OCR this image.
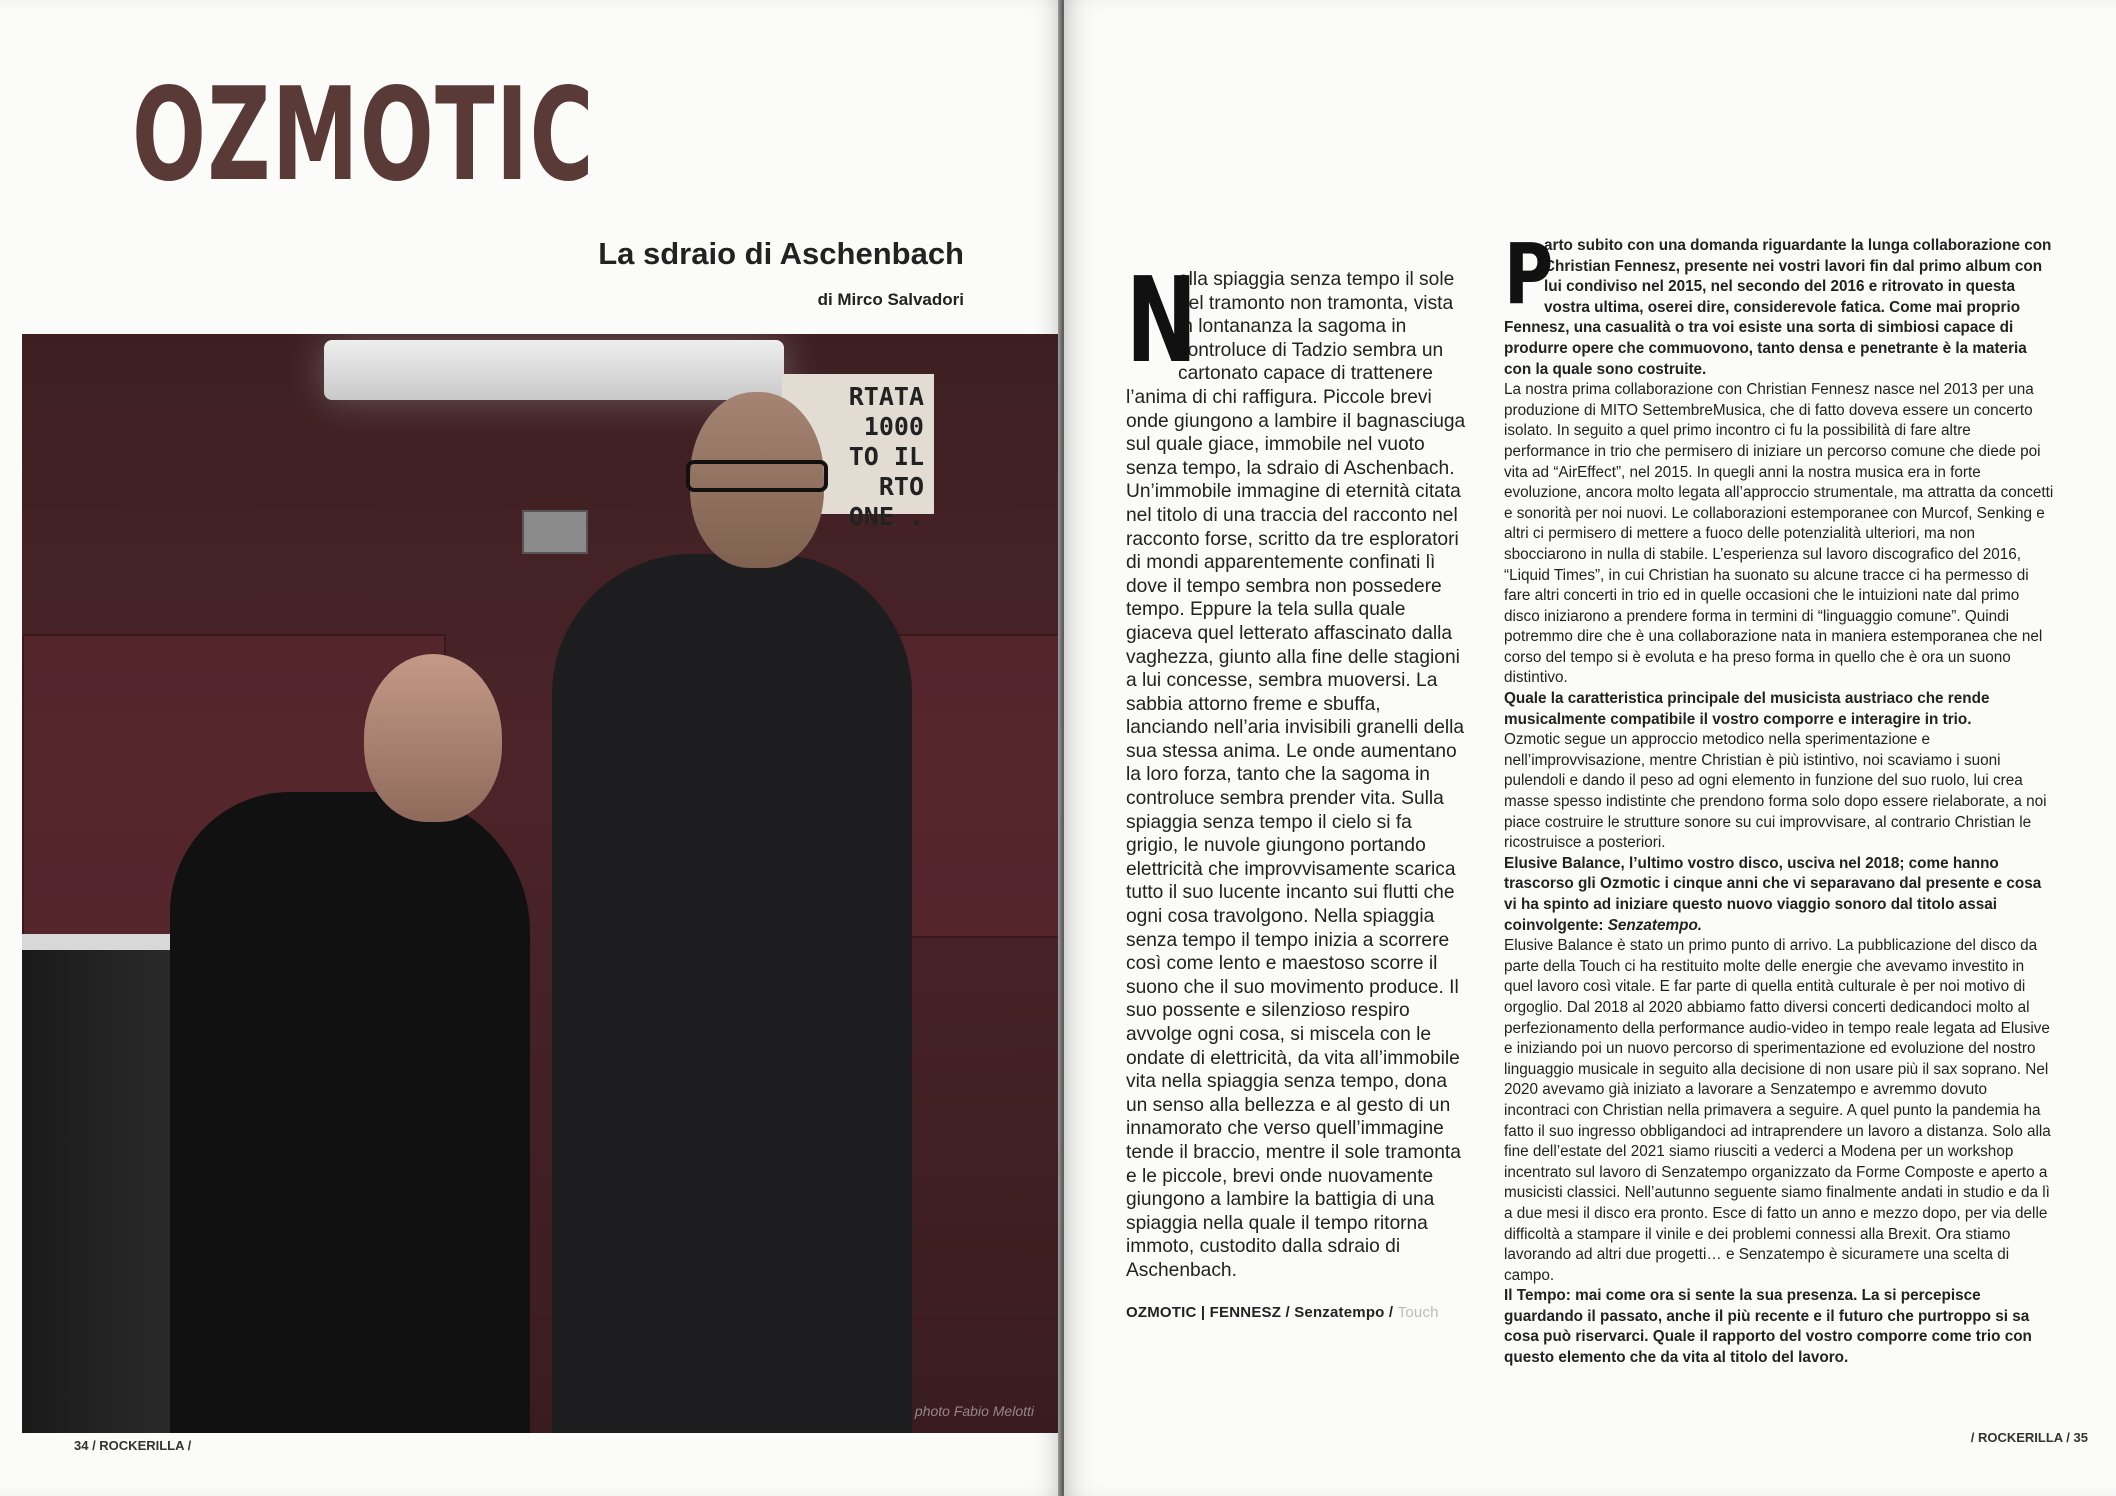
OZMOTIC
La sdraio di Aschenbach
di Mirco Salvadori
RTATA
1000
TO IL
RTO
ONE .
photo Fabio Melotti
34 / ROCKERILLA /

N
ella spiaggia senza tempo il sole del tramonto non tramonta, vista in lontananza la sagoma in controluce di Tadzio sembra un cartonato capace di trattenere l’anima di chi raffigura. Piccole brevi onde giungono a lambire il bagnasciuga sul quale giace, immobile nel vuoto senza tempo, la sdraio di Aschenbach. Un’immobile immagine di eternità citata nel titolo di una traccia del racconto nel racconto forse, scritto da tre esploratori di mondi apparentemente confinati lì dove il tempo sembra non possedere tempo. Eppure la tela sulla quale giaceva quel letterato affascinato dalla vaghezza, giunto alla fine delle stagioni a lui concesse, sembra muoversi. La sabbia attorno freme e sbuffa, lanciando nell’aria invisibili granelli della sua stessa anima. Le onde aumentano la loro forza, tanto che la sagoma in controluce sembra prender vita. Sulla spiaggia senza tempo il cielo si fa grigio, le nuvole giungono portando elettricità che improvvisamente scarica tutto il suo lucente incanto sui flutti che ogni cosa travolgono. Nella spiaggia senza tempo il tempo inizia a scorrere così come lento e maestoso scorre il suono che il suo movimento produce. Il suo possente e silenzioso respiro avvolge ogni cosa, si miscela con le ondate di elettricità, da vita all’immobile vita nella spiaggia senza tempo, dona un senso alla bellezza e al gesto di un innamorato che verso quell’immagine tende il braccio, mentre il sole tramonta e le piccole, brevi onde nuovamente giungono a lambire la battigia di una spiaggia nella quale il tempo ritorna immoto, custodito dalla sdraio di Aschenbach.

OZMOTIC | FENNESZ / Senzatempo / Touch

P
arto subito con una domanda riguardante la lunga collaborazione con Christian Fennesz, presente nei vostri lavori fin dal primo album con lui condiviso nel 2015, nel secondo del 2016 e ritrovato in questa vostra ultima, oserei dire, considerevole fatica. Come mai proprio Fennesz, una casualità o tra voi esiste una sorta di simbiosi capace di produrre opere che commuovono, tanto densa e penetrante è la materia con la quale sono costruite.

La nostra prima collaborazione con Christian Fennesz nasce nel 2013 per una produzione di MITO SettembreMusica, che di fatto doveva essere un concerto isolato. In seguito a quel primo incontro ci fu la possibilità di fare altre performance in trio che permisero di iniziare un percorso comune che diede poi vita ad “AirEffect”, nel 2015. In quegli anni la nostra musica era in forte evoluzione, ancora molto legata all’approccio strumentale, ma attratta da concetti e sonorità per noi nuovi. Le collaborazioni estemporanee con Murcof, Senking e altri ci permisero di mettere a fuoco delle potenzialità ulteriori, ma non sbocciarono in nulla di stabile. L’esperienza sul lavoro discografico del 2016, “Liquid Times”, in cui Christian ha suonato su alcune tracce ci ha permesso di fare altri concerti in trio ed in quelle occasioni che le intuizioni nate dal primo disco iniziarono a prendere forma in termini di “linguaggio comune”. Quindi potremmo dire che è una collaborazione nata in maniera estemporanea che nel corso del tempo si è evoluta e ha preso forma in quello che è ora un suono distintivo.

Quale la caratteristica principale del musicista austriaco che rende musicalmente compatibile il vostro comporre e interagire in trio.

Ozmotic segue un approccio metodico nella sperimentazione e nell’improvvisazione, mentre Christian è più istintivo, noi scaviamo i suoni pulendoli e dando il peso ad ogni elemento in funzione del suo ruolo, lui crea masse spesso indistinte che prendono forma solo dopo essere rielaborate, a noi piace costruire le strutture sonore su cui improvvisare, al contrario Christian le ricostruisce a posteriori.

Elusive Balance, l’ultimo vostro disco, usciva nel 2018; come hanno trascorso gli Ozmotic i cinque anni che vi separavano dal presente e cosa vi ha spinto ad iniziare questo nuovo viaggio sonoro dal titolo assai coinvolgente: Senzatempo.

Elusive Balance è stato un primo punto di arrivo. La pubblicazione del disco da parte della Touch ci ha restituito molte delle energie che avevamo investito in quel lavoro così vitale. E far parte di quella entità culturale è per noi motivo di orgoglio. Dal 2018 al 2020 abbiamo fatto diversi concerti dedicandoci molto al perfezionamento della performance audio-video in tempo reale legata ad Elusive e iniziando poi un nuovo percorso di sperimentazione ed evoluzione del nostro linguaggio musicale in seguito alla decisione di non usare più il sax soprano. Nel 2020 avevamo già iniziato a lavorare a Senzatempo e avremmo dovuto incontraci con Christian nella primavera a seguire. A quel punto la pandemia ha fatto il suo ingresso obbligandoci ad intraprendere un lavoro a distanza. Solo alla fine dell’estate del 2021 siamo riusciti a vederci a Modena per un workshop incentrato sul lavoro di Senzatempo organizzato da Forme Composte e aperto a musicisti classici. Nell’autunno seguente siamo finalmente andati in studio e da lì a due mesi il disco era pronto. Esce di fatto un anno e mezzo dopo, per via delle difficoltà a stampare il vinile e dei problemi connessi alla Brexit. Ora stiamo lavorando ad altri due progetti… e Senzatempo è sicurameте una scelta di campo.

Il Tempo: mai come ora si sente la sua presenza. La si percepisce guardando il passato, anche il più recente e il futuro che purtroppo si sa cosa può riservarci. Quale il rapporto del vostro comporre come trio con questo elemento che da vita al titolo del lavoro.

/ ROCKERILLA / 35
